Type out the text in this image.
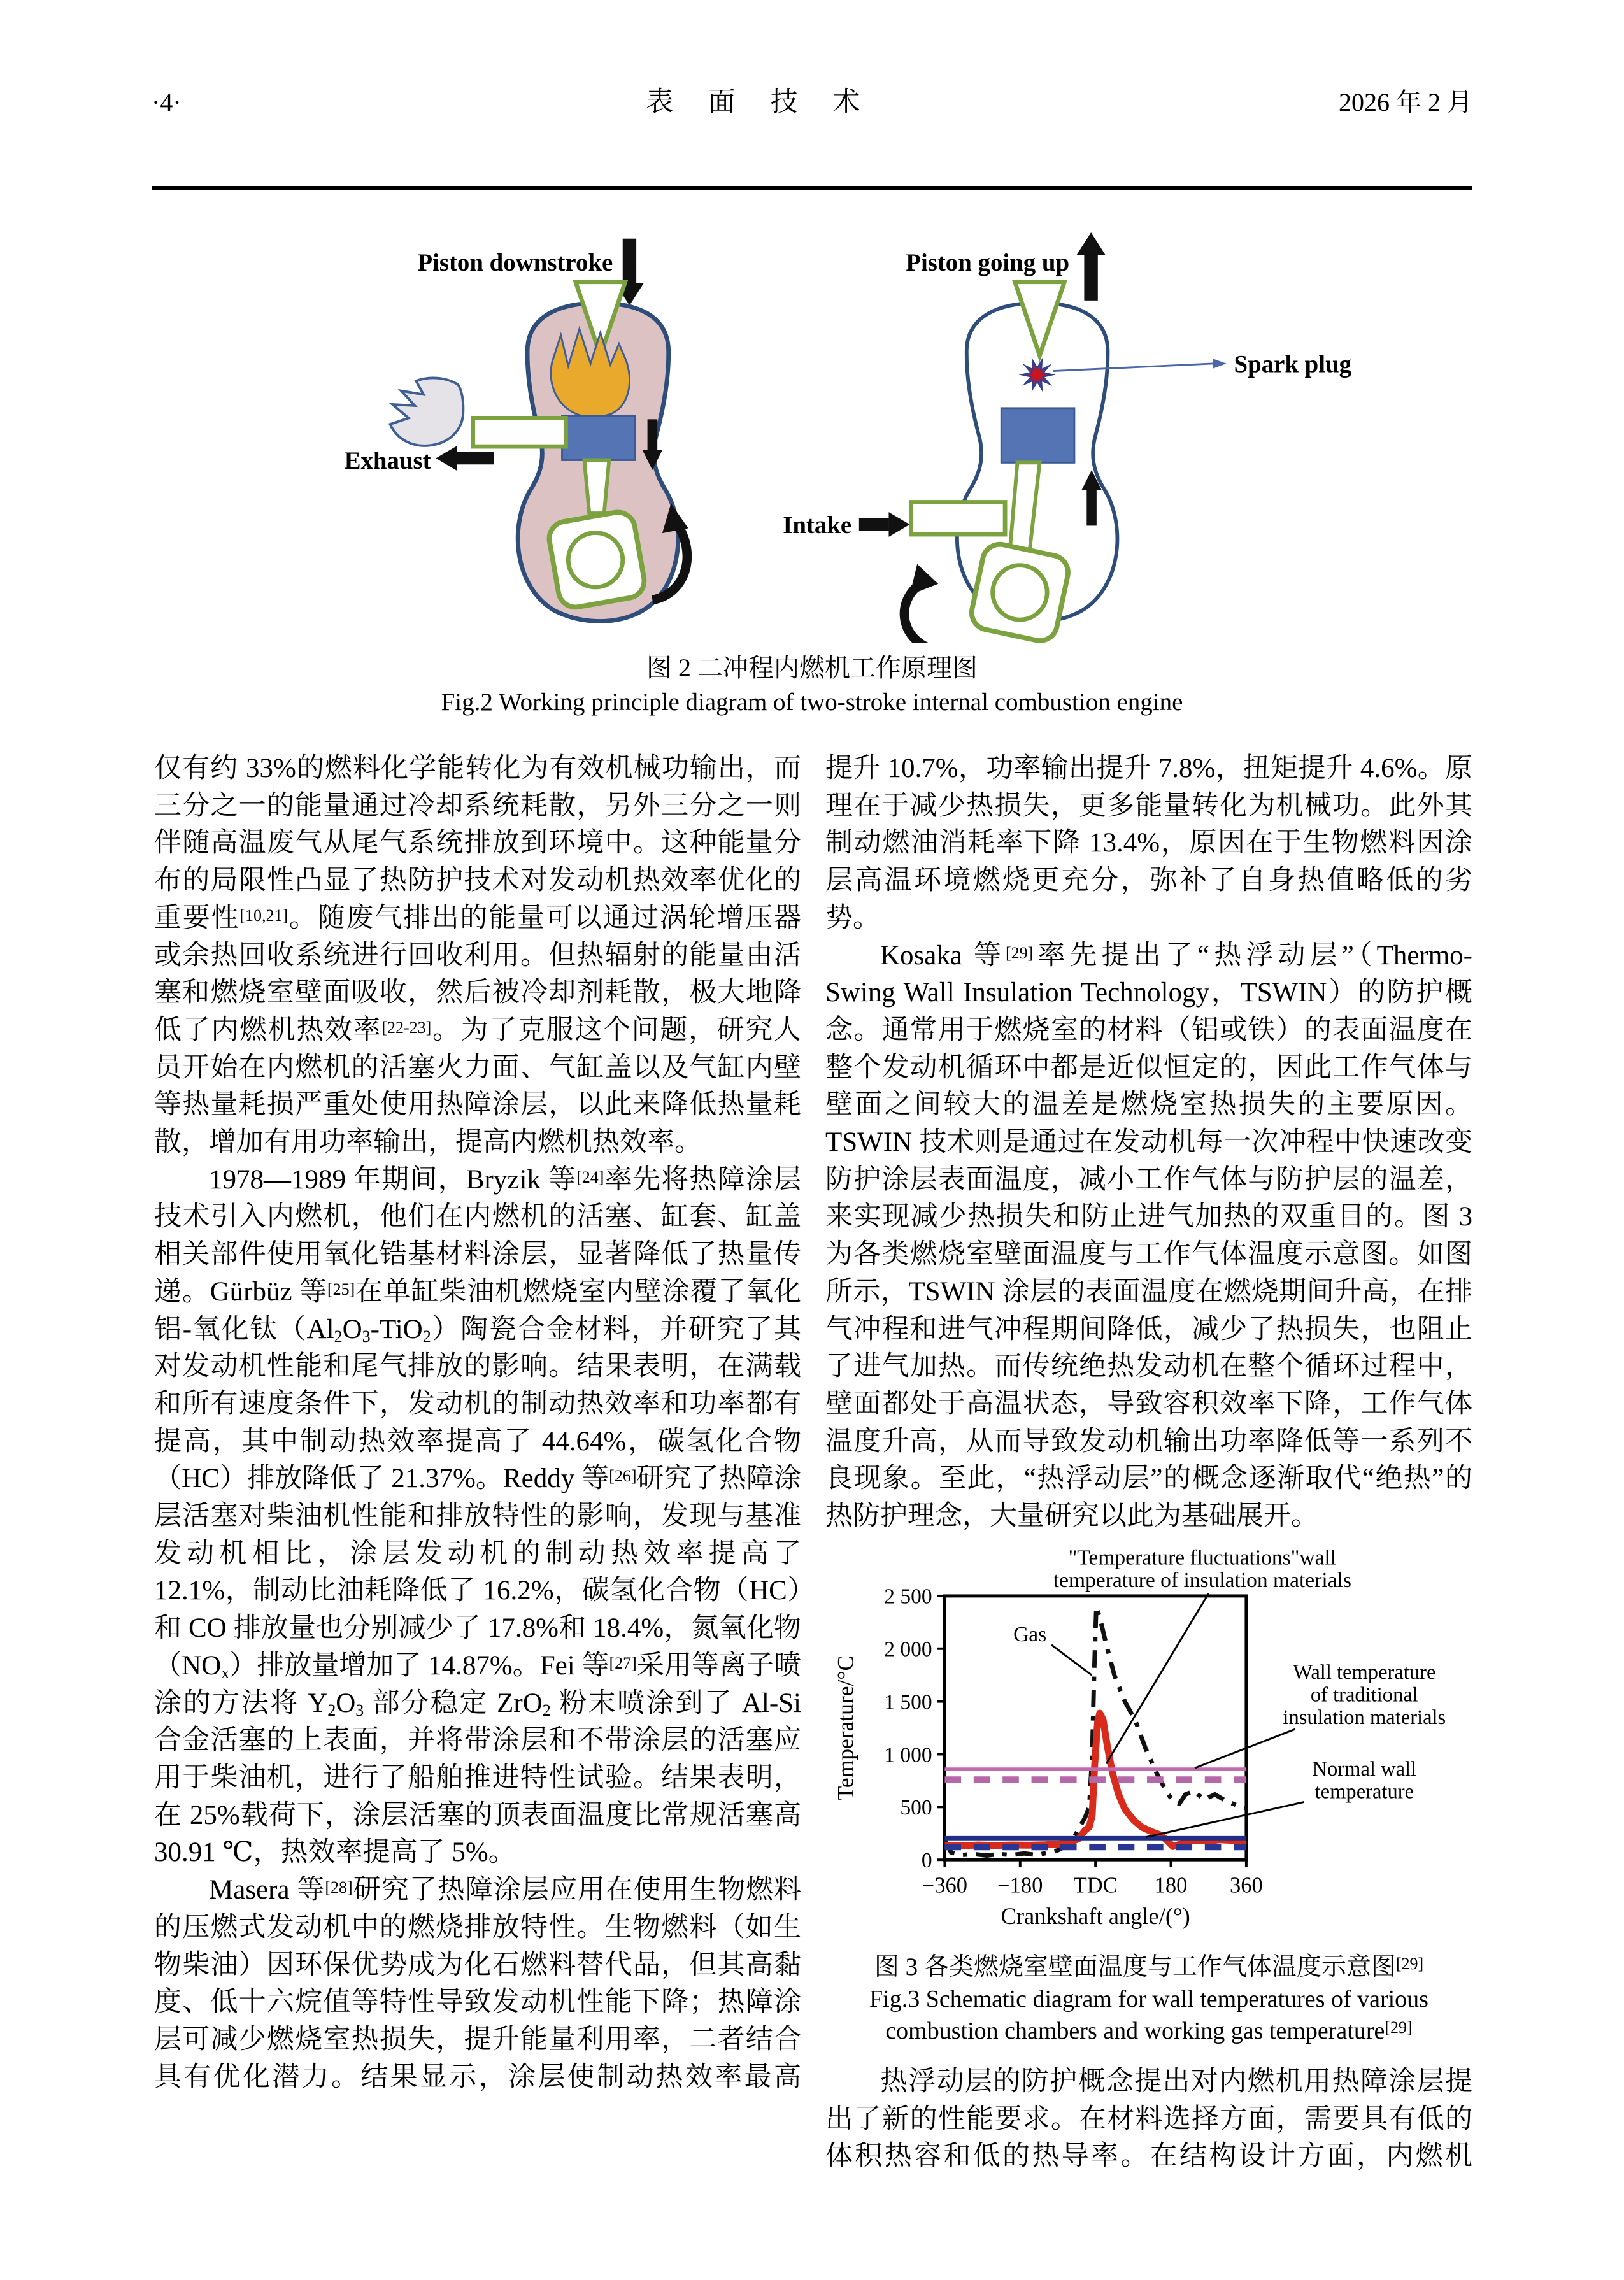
·4·	表 面 技 术	2026 年 2 月
Piston downstroke
Exhaust
Piston going up
Spark plug
Intake
图 2 二冲程内燃机工作原理图
Fig.2 Working principle diagram of two-stroke internal combustion engine

仅有约 33%的燃料化学能转化为有效机械功输出，而三分之一的能量通过冷却系统耗散，另外三分之一则伴随高温废气从尾气系统排放到环境中。这种能量分布的局限性凸显了热防护技术对发动机热效率优化的重要性[10,21]。随废气排出的能量可以通过涡轮增压器或余热回收系统进行回收利用。但热辐射的能量由活塞和燃烧室壁面吸收，然后被冷却剂耗散，极大地降低了内燃机热效率[22-23]。为了克服这个问题，研究人员开始在内燃机的活塞火力面、气缸盖以及气缸内壁等热量耗损严重处使用热障涂层，以此来降低热量耗散，增加有用功率输出，提高内燃机热效率。

1978—1989 年期间，Bryzik 等[24]率先将热障涂层技术引入内燃机，他们在内燃机的活塞、缸套、缸盖相关部件使用氧化锆基材料涂层，显著降低了热量传递。Gürbüz 等[25]在单缸柴油机燃烧室内壁涂覆了氧化铝-氧化钛$(Al_2O_3-TiO_2)$陶瓷合金材料，并研究了其对发动机性能和尾气排放的影响。结果表明，在满载和所有速度条件下，发动机的制动热效率和功率都有提高，其中制动热效率提高了 44.64%，碳氢化合物（HC）排放降低了 21.37%。Reddy 等[26]研究了热障涂层活塞对柴油机性能和排放特性的影响，发现与基准发动机相比，涂层发动机的制动热效率提高了 12.1%，制动比油耗降低了 16.2%，碳氢化合物（HC）和 CO 排放量也分别减少了 17.8%和 18.4%，氮氧化物$(NO_x)$排放量增加了 14.87%。Fei 等[27]采用等离子喷涂的方法将 $Y_2O_3$ 部分稳定 ZrO$_2$ 粉末喷涂到了 Al-Si 合金活塞的上表面，并将带涂层和不带涂层的活塞应用于柴油机，进行了船舶推进特性试验。结果表明，在 25%载荷下，涂层活塞的顶表面温度比常规活塞高 30.91 ℃，热效率提高了 5%。

Masera 等[28]研究了热障涂层应用在使用生物燃料的压燃式发动机中的燃烧排放特性。生物燃料（如生物柴油）因环保优势成为化石燃料替代品，但其高黏度、低十六烷值等特性导致发动机性能下降；热障涂层可减少燃烧室热损失，提升能量利用率，二者结合具有优化潜力。结果显示，涂层使制动热效率最高

提升 10.7%，功率输出提升 7.8%，扭矩提升 4.6%。原理在于减少热损失，更多能量转化为机械功。此外其制动燃油消耗率下降 13.4%，原因在于生物燃料因涂层高温环境燃烧更充分，弥补了自身热值略低的劣势。

Kosaka 等[29]率先提出了“热浮动层”（Thermo-Swing Wall Insulation Technology，TSWIN）的防护概念。通常用于燃烧室的材料（铝或铁）的表面温度在整个发动机循环中都是近似恒定的，因此工作气体与壁面之间较大的温差是燃烧室热损失的主要原因。TSWIN 技术则是通过在发动机每一次冲程中快速改变防护涂层表面温度，减小工作气体与防护层的温差，来实现减少热损失和防止进气加热的双重目的。图 3 为各类燃烧室壁面温度与工作气体温度示意图。如图所示，TSWIN 涂层的表面温度在燃烧期间升高，在排气冲程和进气冲程期间降低，减少了热损失，也阻止了进气加热。而传统绝热发动机在整个循环过程中，壁面都处于高温状态，导致容积效率下降，工作气体温度升高，从而导致发动机输出功率降低等一系列不良现象。至此，“热浮动层”的概念逐渐取代“绝热”的热防护理念，大量研究以此为基础展开。

0
500
1 000
1 500
2 000
2 500
−360 −180 TDC 180 360
"Temperature fluctuations"wall
temperature of insulation materials
Gas
Wall temperature
of traditional
insulation materials
Normal wall
temperature
Temperature/°C
Crankshaft angle/(°)
图 3 各类燃烧室壁面温度与工作气体温度示意图[29]
Fig.3 Schematic diagram for wall temperatures of various
combustion chambers and working gas temperature[29]

热浮动层的防护概念提出对内燃机用热障涂层提出了新的性能要求。在材料选择方面，需要具有低的体积热容和低的热导率。在结构设计方面，内燃机
